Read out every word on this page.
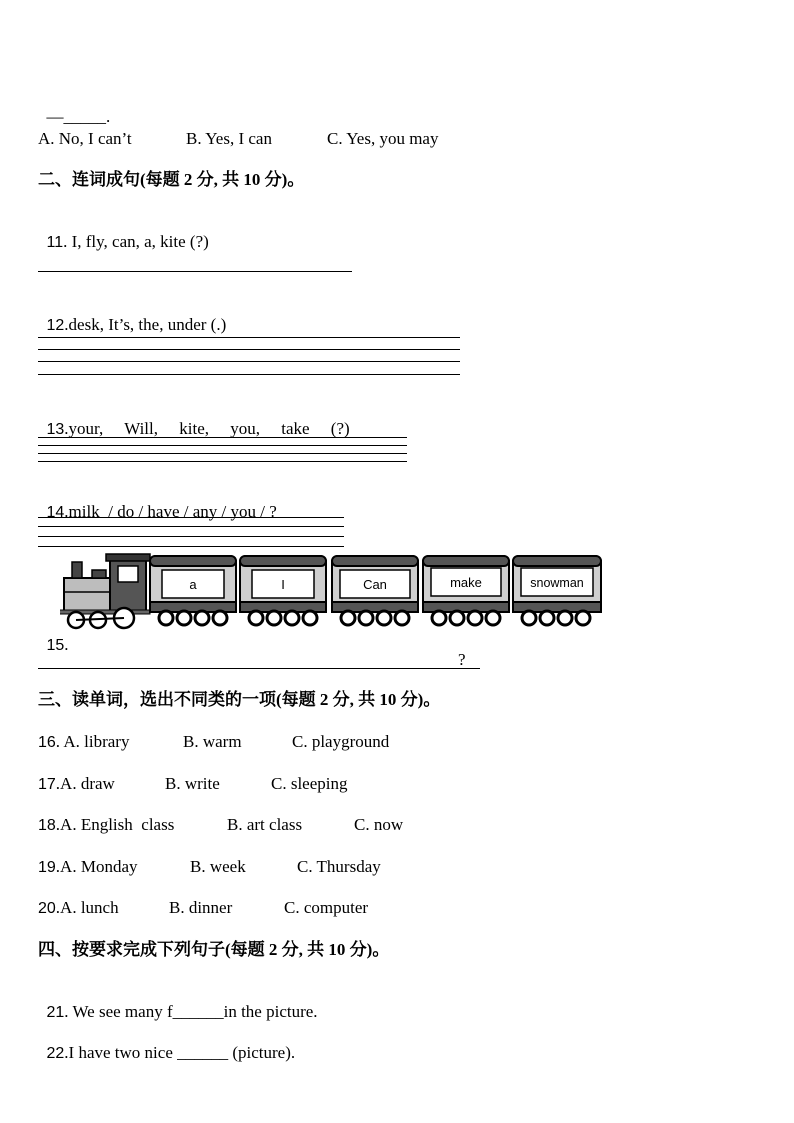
—_____.

A. No, I can’t

	B. Yes, I can

	C. Yes, you may

二、连词成句(每题 2 分, 共 10 分)。

11. I, fly, can, a, kite (?)

12.desk, It’s, the, under (.)

13.your,     Will,     kite,     you,     take     (?)

14.milk  / do / have / any / you / ?

15.

a	I	Can	make	snowman
?
三、读单词，选出不同类的一项(每题 2 分, 共 10 分)。

16. A. library

	B. warm

	C. playground

17.A. draw

	B. write

	C. sleeping

18.A. English  class

	B. art class

	C. now

19.A. Monday

	B. week

	C. Thursday

20.A. lunch

	B. dinner

	C. computer

四、按要求完成下列句子(每题 2 分, 共 10 分)。

21. We see many f______in the picture.

22.I have two nice ______ (picture).
